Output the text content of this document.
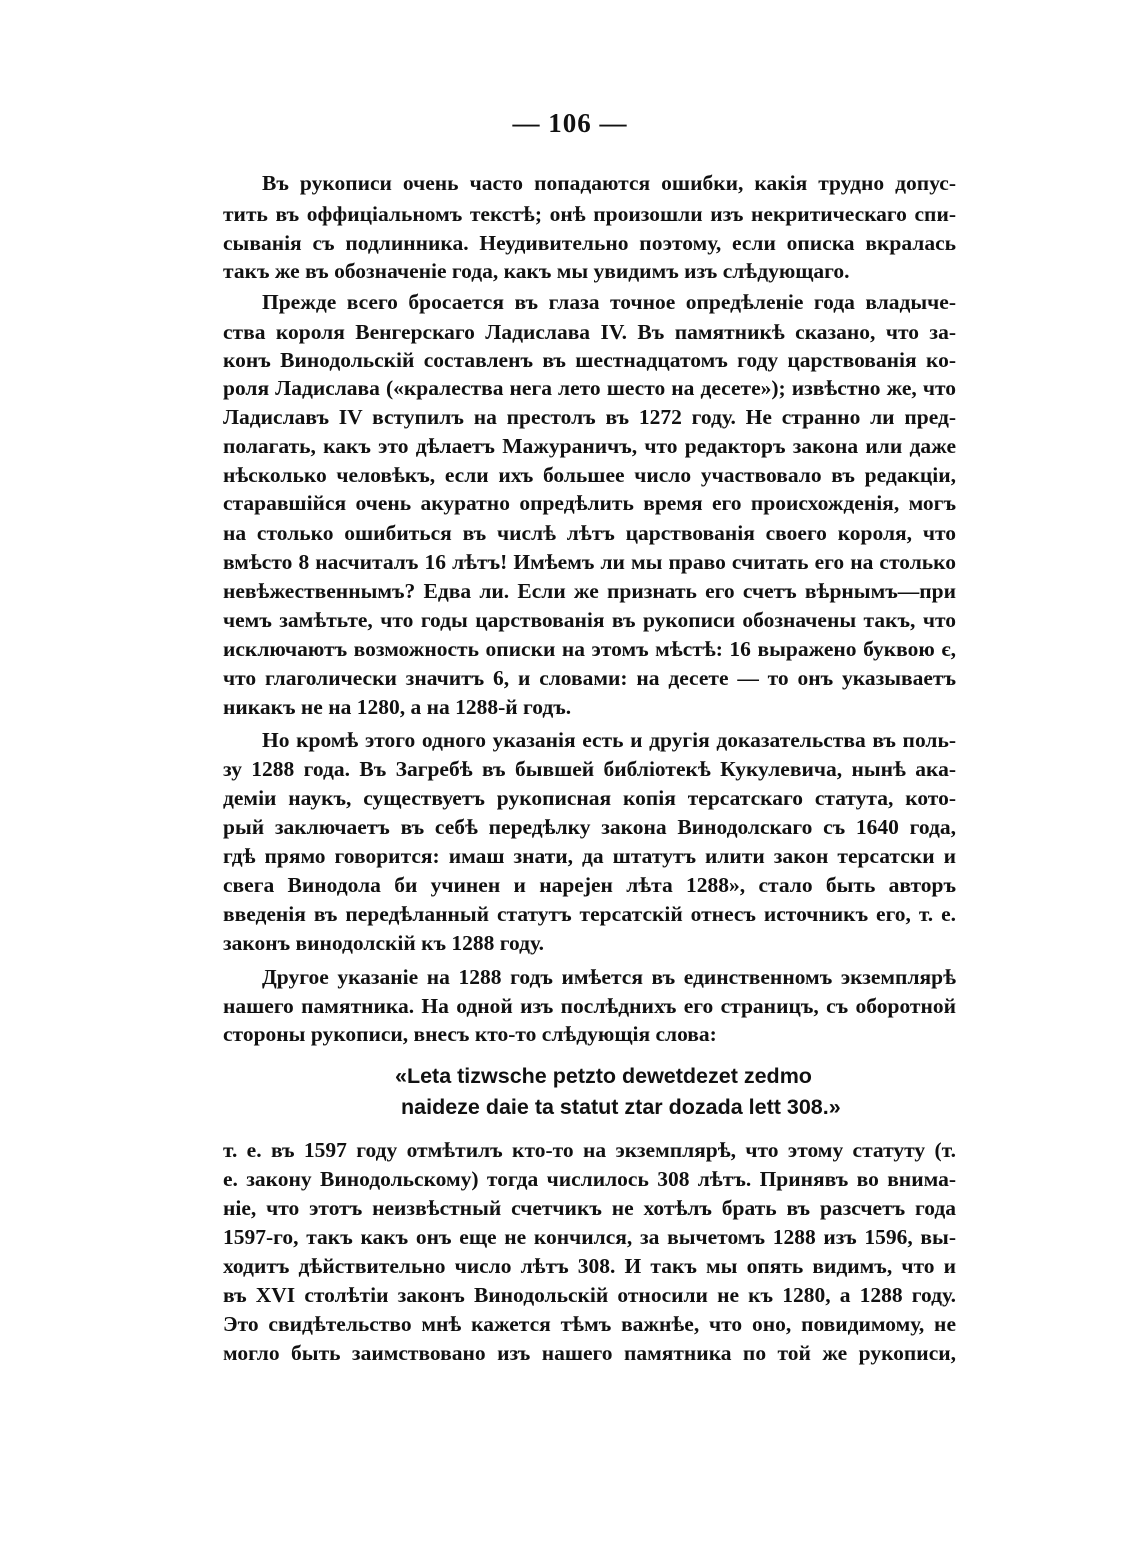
— 106 —
Въ рукописи очень часто попадаются ошибки, какія трудно допус-
тить въ оффиціальномъ текстѣ; онѣ произошли изъ некритическаго спи-
сыванія съ подлинника. Неудивительно поэтому, если описка вкралась
такъ же въ обозначеніе года, какъ мы увидимъ изъ слѣдующаго.
Прежде всего бросается въ глаза точное опредѣленіе года владыче-
ства короля Венгерскаго Ладислава IV. Въ памятникѣ сказано, что за-
конъ Винодольскій составленъ въ шестнадцатомъ году царствованія ко-
роля Ладислава («кралества нега лето шесто на десете»); извѣстно же, что
Ладиславъ IV вступилъ на престолъ въ 1272 году. Не странно ли пред-
полагать, какъ это дѣлаетъ Мажураничъ, что редакторъ закона или даже
нѣсколько человѣкъ, если ихъ большее число участвовало въ редакціи,
старавшійся очень акуратно опредѣлить время его происхожденія, могъ
на столько ошибиться въ числѣ лѣтъ царствованія своего короля, что
вмѣсто 8 насчиталъ 16 лѣтъ! Имѣемъ ли мы право считать его на столько
невѣжественнымъ? Едва ли. Если же признать его счетъ вѣрнымъ—при
чемъ замѣтьте, что годы царствованія въ рукописи обозначены такъ, что
исключаютъ возможность описки на этомъ мѣстѣ: 16 выражено буквою є,
что глаголически значитъ 6, и словами: на десете — то онъ указываетъ
никакъ не на 1280, а на 1288-й годъ.
Но кромѣ этого одного указанія есть и другія доказательства въ поль-
зу 1288 года. Въ Загребѣ въ бывшей библіотекѣ Кукулевича, нынѣ ака-
деміи наукъ, существуетъ рукописная копія терсатскаго статута, кото-
рый заключаетъ въ себѣ передѣлку закона Винодолскаго съ 1640 года,
гдѣ прямо говорится: имаш знати, да штатутъ илити закон терсатски и
свега Винодола би учинен и нарејен лѣта 1288», стало быть авторъ
введенія въ передѣланный статутъ терсатскій отнесъ источникъ его, т. е.
законъ винодолскій къ 1288 году.
Другое указаніе на 1288 годъ имѣется въ единственномъ экземплярѣ
нашего памятника. На одной изъ послѣднихъ его страницъ, съ оборотной
стороны рукописи, внесъ кто-то слѣдующія слова:
«Leta tizwsche petzto dewetdezet zedmo
naideze daie ta statut ztar dozada lett 308.»
т. е. въ 1597 году отмѣтилъ кто-то на экземплярѣ, что этому статуту (т.
е. закону Винодольскому) тогда числилось 308 лѣтъ. Принявъ во внима-
ніе, что этотъ неизвѣстный счетчикъ не хотѣлъ брать въ разсчетъ года
1597-го, такъ какъ онъ еще не кончился, за вычетомъ 1288 изъ 1596, вы-
ходитъ дѣйствительно число лѣтъ 308. И такъ мы опять видимъ, что и
въ XVI столѣтіи законъ Винодольскій относили не къ 1280, а 1288 году.
Это свидѣтельство мнѣ кажется тѣмъ важнѣе, что оно, повидимому, не
могло быть заимствовано изъ нашего памятника по той же рукописи,
